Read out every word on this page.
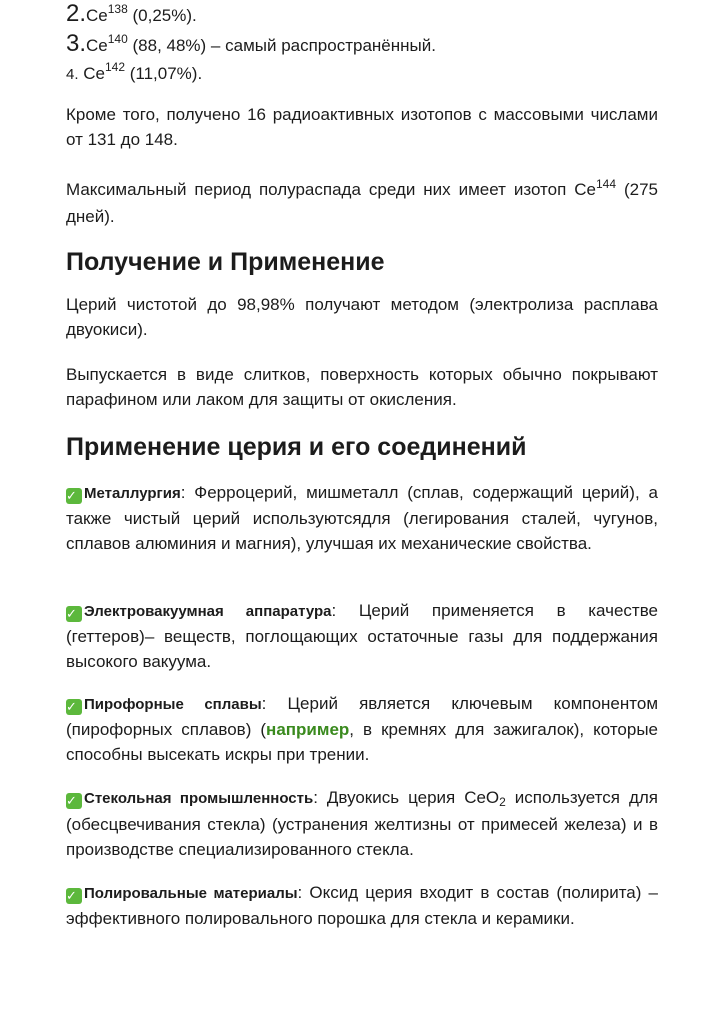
2.Ce$^{138}$ (0,25%).
3.Ce$^{140}$ (88, 48%) – самый распространённый.
4. Ce$^{142}$ (11,07%).

Кроме того, получено 16 радиоактивных изотопов с массовыми числами от 131 до 148.

Максимальный период полураспада среди них имеет изотоп Ce$^{144}$ (275 дней).

Получение и Применение

Церий чистотой до 98,98% получают методом (электролиза расплава двуокиси).

Выпускается в виде слитков, поверхность которых обычно покрывают парафином или лаком для защиты от окисления.

Применение церия и его соединений

✓ Металлургия: Ферроцерий, мишметалл (сплав, содержащий церий), а также чистый церий используютсядля (легирования сталей, чугунов, сплавов алюминия и магния), улучшая их механические свойства.

✓ Электровакуумная аппаратура: Церий применяется в качестве (геттеров)– веществ, поглощающих остаточные газы для поддержания высокого вакуума.

✓ Пирофорные сплавы: Церий является ключевым компонентом (пирофорных сплавов) (например, в кремнях для зажигалок), которые способны высекать искры при трении.

✓ Стекольная промышленность: Двуокись церия CeO$_2$ используется для (обесцвечивания стекла) (устранения желтизны от примесей железа) и в производстве специализированного стекла.

✓ Полировальные материалы: Оксид церия входит в состав (полирита) – эффективного полировального порошка для стекла и керамики.
